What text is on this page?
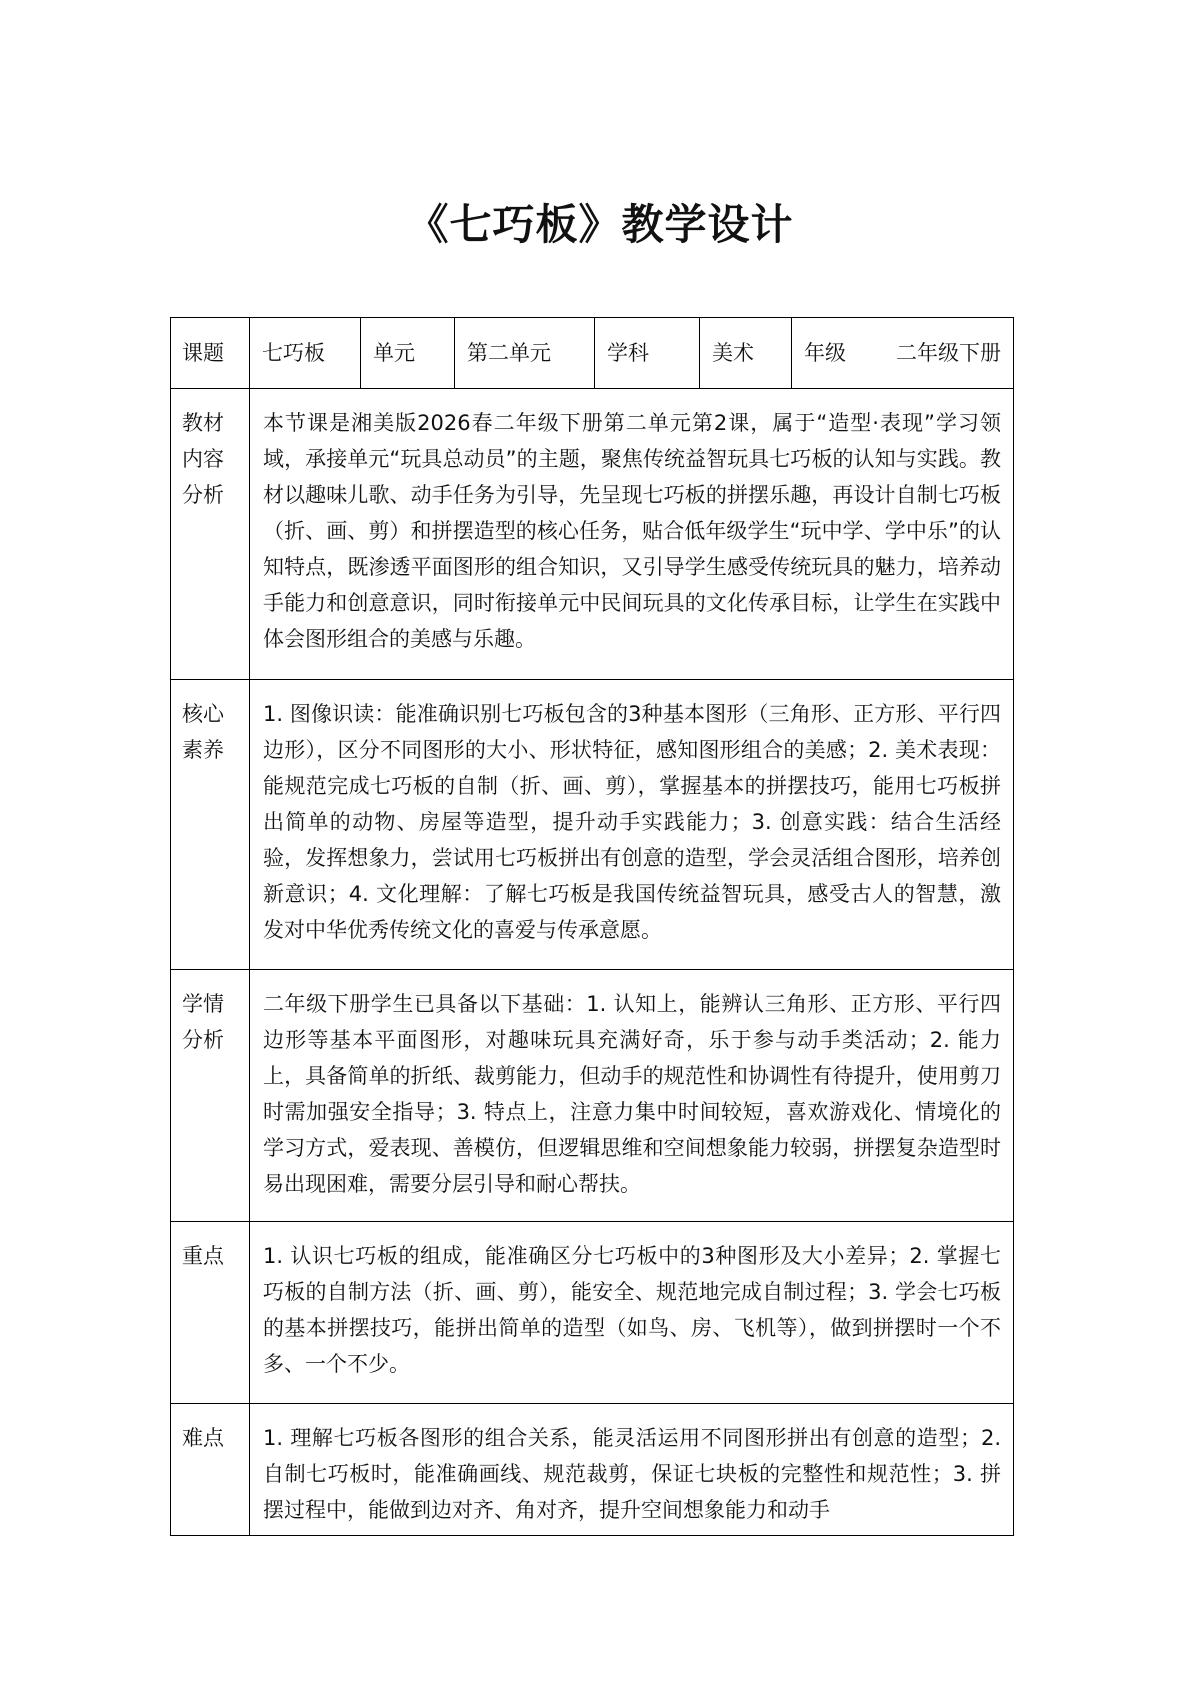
《七巧板》教学设计
课题	七巧板	单元	第二单元	学科	美术	年级 二年级下册

教材内容分析	本节课是湘美版2026春二年级下册第二单元第2课，属于“造型·表现”学习领域，承接单元“玩具总动员”的主题，聚焦传统益智玩具七巧板的认知与实践。教材以趣味儿歌、动手任务为引导，先呈现七巧板的拼摆乐趣，再设计自制七巧板（折、画、剪）和拼摆造型的核心任务，贴合低年级学生“玩中学、学中乐”的认知特点，既渗透平面图形的组合知识，又引导学生感受传统玩具的魅力，培养动手能力和创意意识，同时衔接单元中民间玩具的文化传承目标，让学生在实践中体会图形组合的美感与乐趣。					

核心素养	1. 图像识读：能准确识别七巧板包含的3种基本图形（三角形、正方形、平行四边形），区分不同图形的大小、形状特征，感知图形组合的美感；2. 美术表现：能规范完成七巧板的自制（折、画、剪），掌握基本的拼摆技巧，能用七巧板拼出简单的动物、房屋等造型，提升动手实践能力；3. 创意实践：结合生活经验，发挥想象力，尝试用七巧板拼出有创意的造型，学会灵活组合图形，培养创新意识；4. 文化理解：了解七巧板是我国传统益智玩具，感受古人的智慧，激发对中华优秀传统文化的喜爱与传承意愿。					

学情分析	二年级下册学生已具备以下基础：1. 认知上，能辨认三角形、正方形、平行四边形等基本平面图形，对趣味玩具充满好奇，乐于参与动手类活动；2. 能力上，具备简单的折纸、裁剪能力，但动手的规范性和协调性有待提升，使用剪刀时需加强安全指导；3. 特点上，注意力集中时间较短，喜欢游戏化、情境化的学习方式，爱表现、善模仿，但逻辑思维和空间想象能力较弱，拼摆复杂造型时易出现困难，需要分层引导和耐心帮扶。					

重点	1. 认识七巧板的组成，能准确区分七巧板中的3种图形及大小差异；2. 掌握七巧板的自制方法（折、画、剪），能安全、规范地完成自制过程；3. 学会七巧板的基本拼摆技巧，能拼出简单的造型（如鸟、房、飞机等），做到拼摆时一个不多、一个不少。					

难点	1. 理解七巧板各图形的组合关系，能灵活运用不同图形拼出有创意的造型；2. 自制七巧板时，能准确画线、规范裁剪，保证七块板的完整性和规范性；3. 拼摆过程中，能做到边对齐、角对齐，提升空间想象能力和动手					
